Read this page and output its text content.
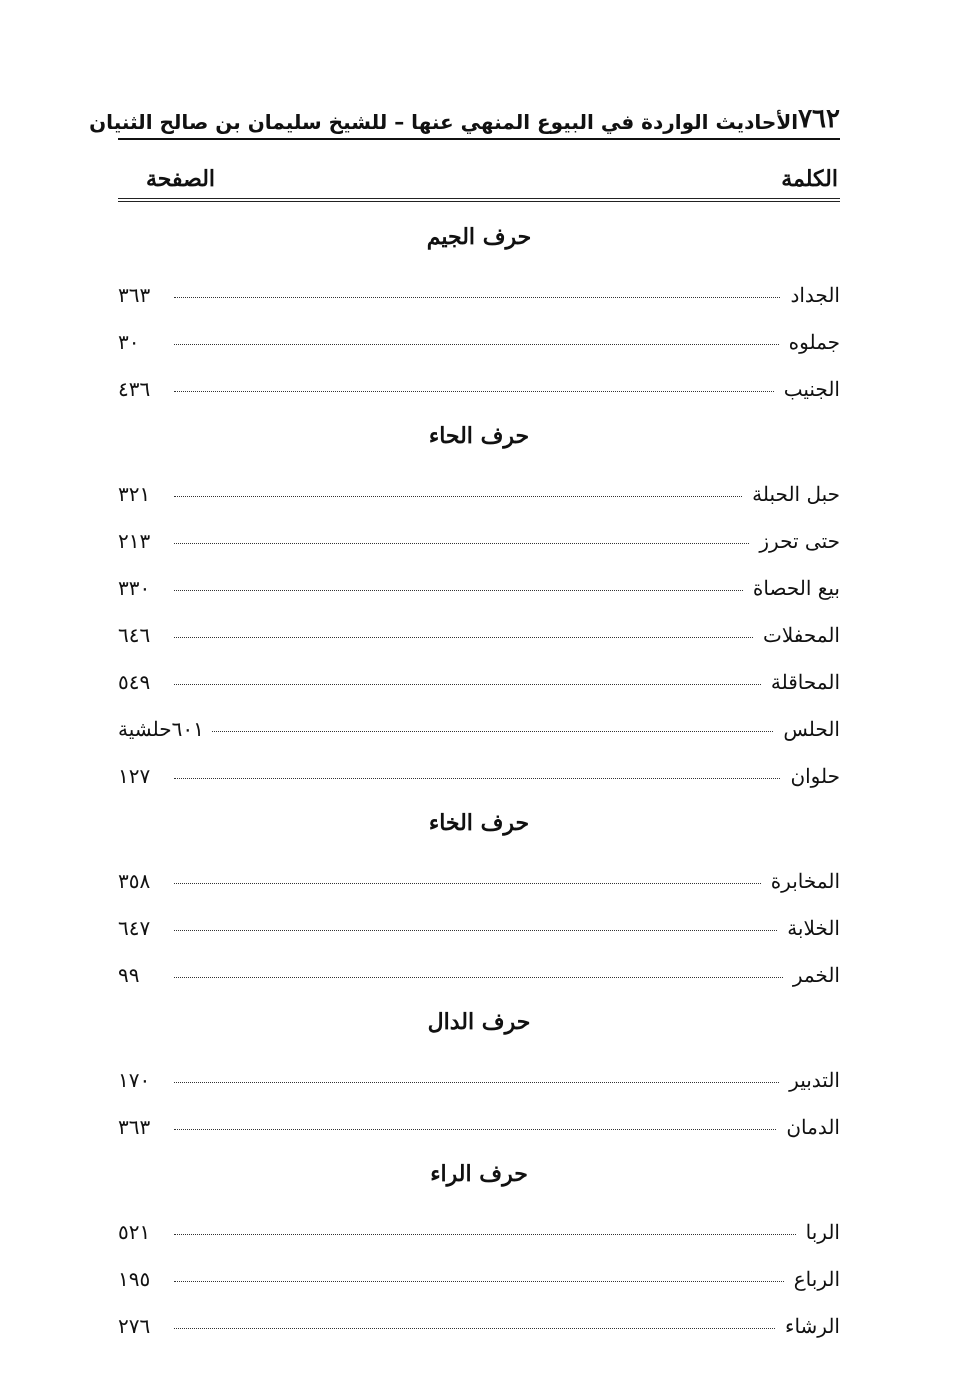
٧٦٢
الأحاديث الواردة في البيوع المنهي عنها – للشيخ سليمان بن صالح الثنيان
الكلمة
الصفحة
حرف الجيم
الجداد
٣٦٣
جملوه
٣٠
الجنيب
٤٣٦
حرف الحاء
حبل الحبلة
٣٢١
حتى تحرز
٢١٣
بيع الحصاة
٣٣٠
المحفلات
٦٤٦
المحاقلة
٥٤٩
الحلس
٦٠١حلشية
حلوان
١٢٧
حرف الخاء
المخابرة
٣٥٨
الخلابة
٦٤٧
الخمر
٩٩
حرف الدال
التدبير
١٧٠
الدمان
٣٦٣
حرف الراء
الربا
٥٢١
الرباع
١٩٥
الرشاء
٢٧٦
